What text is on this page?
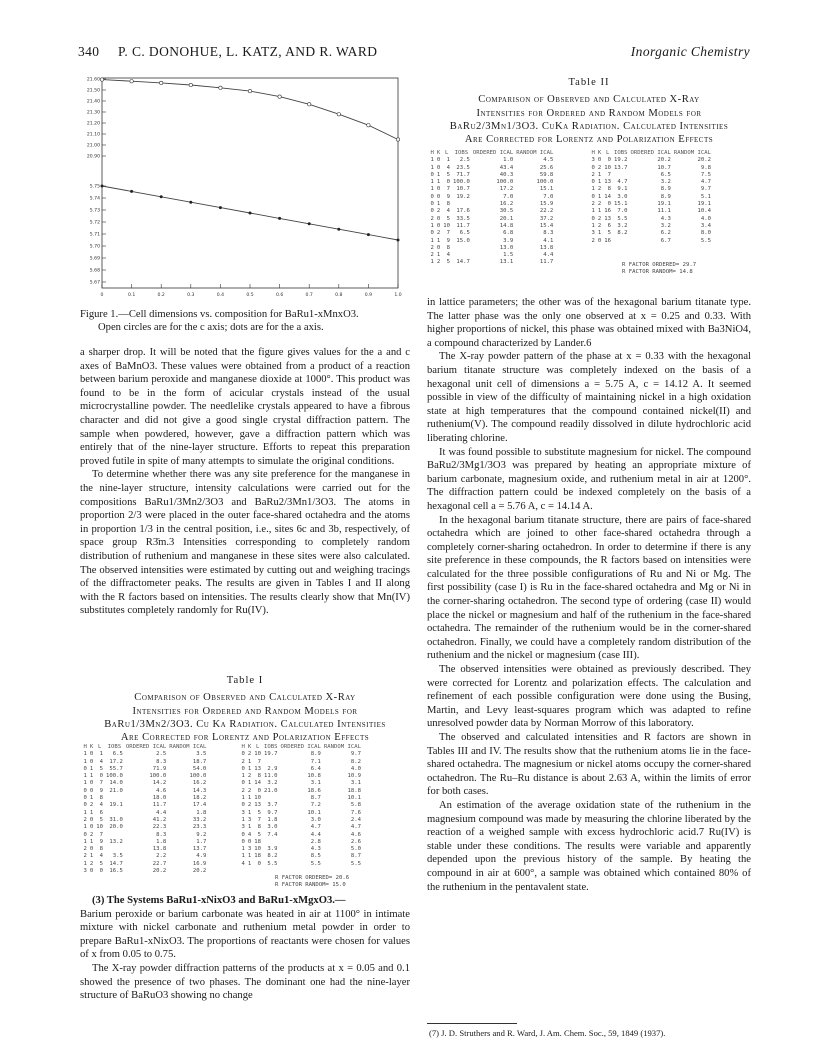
340 P. C. DONOHUE, L. KATZ, AND R. WARD	Inorganic Chemistry
21.60
21.50
21.40
21.30
21.20
21.10
21.00
20.90
5.75
5.74
5.73
5.72
5.71
5.70
5.69
5.68
5.67
0	0.1	0.2	0.3	0.4	0.5	0.6	0.7	0.8	0.9	1.0
Figure 1.—Cell dimensions vs. composition for BaRu1-xMnxO3.
Open circles are for the c axis; dots are for the a axis.

a sharper drop. It will be noted that the figure gives values for the a and c axes of BaMnO3. These values were obtained from a product of a reaction between barium peroxide and manganese dioxide at 1000°. This product was found to be in the form of acicular crystals instead of the usual microcrystalline powder. The needlelike crystals appeared to have a fibrous character and did not give a good single crystal diffraction pattern. The sample when powdered, however, gave a diffraction pattern which was entirely that of the nine-layer structure. Efforts to repeat this preparation proved futile in spite of many attempts to simulate the original conditions.

To determine whether there was any site preference for the manganese in the nine-layer structure, intensity calculations were carried out for the compositions BaRu1/3Mn2/3O3 and BaRu2/3Mn1/3O3. The atoms in proportion 2/3 were placed in the outer face-shared octahedra and the atoms in proportion 1/3 in the central position, i.e., sites 6c and 3b, respectively, of space group R3̄m.3 Intensities corresponding to completely random distribution of ruthenium and manganese in these sites were also calculated. The observed intensities were estimated by cutting out and weighing tracings of the diffractometer peaks. The results are given in Tables I and II along with the R factors based on intensities. The results clearly show that Mn(IV) substitutes completely randomly for Ru(IV).

Table I
Comparison of Observed and Calculated X-Ray
Intensities for Ordered and Random Models for
BaRu1/3Mn2/3O3. Cu Kα Radiation. Calculated Intensities
Are Corrected for Lorentz and Polarization Effects
H	K	L	IOBS	ORDERED ICAL	RANDOM ICAL
1	0	1	6.5	2.5	3.5
1	0	4	17.2	8.3	18.7
0	1	5	55.7	71.9	54.0
1	1	0	100.0	100.0	100.0
1	0	7	14.0	14.2	16.2
0	0	9	21.0	4.6	14.3
0	1	8		18.0	18.2
0	2	4	19.1	11.7	17.4
1	1	6		4.4	1.8
2	0	5	31.0	41.2	33.2
1	0	10	20.0	22.3	23.3
0	2	7		8.3	9.2
1	1	9	13.2	1.8	1.7
2	0	8		13.8	13.7
2	1	4	3.5	2.2	4.9
1	2	5	14.7	22.7	16.9
3	0	0	16.5	20.2	20.2
H	K	L	IOBS	ORDERED ICAL	RANDOM ICAL
0	2	10	19.7	8.9	9.7
2	1	7		7.1	8.2
0	1	13	2.9	6.4	4.0
1	2	8	11.0	10.8	10.9
0	1	14	3.2	3.1	3.1
2	2	0	21.0	18.6	18.8
1	1	10		8.7	10.1
0	2	13	3.7	7.2	5.8
3	1	5	9.7	10.1	7.6
1	3	7	1.8	3.0	2.4
3	1	8	3.0	4.7	4.7
0	4	5	7.4	4.4	4.6
0	0	18		2.8	2.6
1	3	10	3.9	4.3	5.0
1	1	18	8.2	8.5	8.7
4	1	0	5.5	5.5	5.5
R FACTOR ORDERED= 20.6
R FACTOR RANDOM= 15.0

(3) The Systems BaRu1-xNixO3 and BaRu1-xMgxO3.—

Barium peroxide or barium carbonate was heated in air at 1100° in intimate mixture with nickel carbonate and ruthenium metal powder in order to prepare BaRu1-xNixO3. The proportions of reactants were chosen for values of x from 0.05 to 0.75.

The X-ray powder diffraction patterns of the products at x = 0.05 and 0.1 showed the presence of two phases. The dominant one had the nine-layer structure of BaRuO3 showing no change

Table II
Comparison of Observed and Calculated X-Ray
Intensities for Ordered and Random Models for
BaRu2/3Mn1/3O3. CuKα Radiation. Calculated Intensities
Are Corrected for Lorentz and Polarization Effects
H	K	L	IOBS	ORDERED ICAL	RANDOM ICAL
1	0	1	2.5	1.0	4.5
1	0	4	23.5	43.4	25.6
0	1	5	71.7	40.3	59.8
1	1	0	100.0	100.0	100.0
1	0	7	10.7	17.2	15.1
0	0	9	19.2	7.0	7.0
0	1	8		16.2	15.9
0	2	4	17.6	30.5	22.2
2	0	5	33.5	20.1	37.2
1	0	10	11.7	14.8	15.4
0	2	7	6.5	6.8	8.3
1	1	9	15.0	3.9	4.1
2	0	8		13.0	13.8
2	1	4		1.5	4.4
1	2	5	14.7	13.1	11.7
H	K	L	IOBS	ORDERED ICAL	RANDOM ICAL
3	0	0	19.2	20.2	20.2
0	2	10	13.7	10.7	9.8
2	1	7		6.5	7.5
0	1	13	4.7	3.2	4.7
1	2	8	9.1	8.9	9.7
0	1	14	3.0	8.9	5.1
2	2	0	15.1	19.1	19.1
1	1	16	7.0	11.1	10.4
0	2	13	5.5	4.3	4.0
1	2	6	3.2	3.2	3.4
3	1	5	8.2	6.2	8.0
2	0	16		6.7	5.5
R FACTOR ORDERED= 29.7
R FACTOR RANDOM= 14.8

in lattice parameters; the other was of the hexagonal barium titanate type. The latter phase was the only one observed at x = 0.25 and 0.33. With higher proportions of nickel, this phase was obtained mixed with Ba3NiO4, a compound characterized by Lander.6

The X-ray powder pattern of the phase at x = 0.33 with the hexagonal barium titanate structure was completely indexed on the basis of a hexagonal unit cell of dimensions a = 5.75 A, c = 14.12 A. It seemed possible in view of the difficulty of maintaining nickel in a high oxidation state at high temperatures that the compound contained nickel(II) and ruthenium(V). The compound readily dissolved in dilute hydrochloric acid liberating chlorine.

It was found possible to substitute magnesium for nickel. The compound BaRu2/3Mg1/3O3 was prepared by heating an appropriate mixture of barium carbonate, magnesium oxide, and ruthenium metal in air at 1200°. The diffraction pattern could be indexed completely on the basis of a hexagonal cell a = 5.76 A, c = 14.14 A.

In the hexagonal barium titanate structure, there are pairs of face-shared octahedra which are joined to other face-shared octahedra through a completely corner-sharing octahedron. In order to determine if there is any site preference in these compounds, the R factors based on intensities were calculated for the three possible configurations of Ru and Ni or Mg. The first possibility (case I) is Ru in the face-shared octahedra and Mg or Ni in the corner-sharing octahedron. The second type of ordering (case II) would place the nickel or magnesium and half of the ruthenium in the face-shared octahedra. The remainder of the ruthenium would be in the corner-shared octahedron. Finally, we could have a completely random distribution of the ruthenium and the nickel or magnesium (case III).

The observed intensities were obtained as previously described. They were corrected for Lorentz and polarization effects. The calculation and refinement of each possible configuration were done using the Busing, Martin, and Levy least-squares program which was adapted to refine unresolved powder data by Norman Morrow of this laboratory.

The observed and calculated intensities and R factors are shown in Tables III and IV. The results show that the ruthenium atoms lie in the face-shared octahedra. The magnesium or nickel atoms occupy the corner-shared octahedron. The Ru–Ru distance is about 2.63 A, within the limits of error for both cases.

An estimation of the average oxidation state of the ruthenium in the magnesium compound was made by measuring the chlorine liberated by the reaction of a weighed sample with excess hydrochloric acid.7 Ru(IV) is stable under these conditions. The results were variable and apparently depended upon the previous history of the sample. By heating the compound in air at 600°, a sample was obtained which contained 80% of the ruthenium in the pentavalent state.

(7) J. D. Struthers and R. Ward, J. Am. Chem. Soc., 59, 1849 (1937).
